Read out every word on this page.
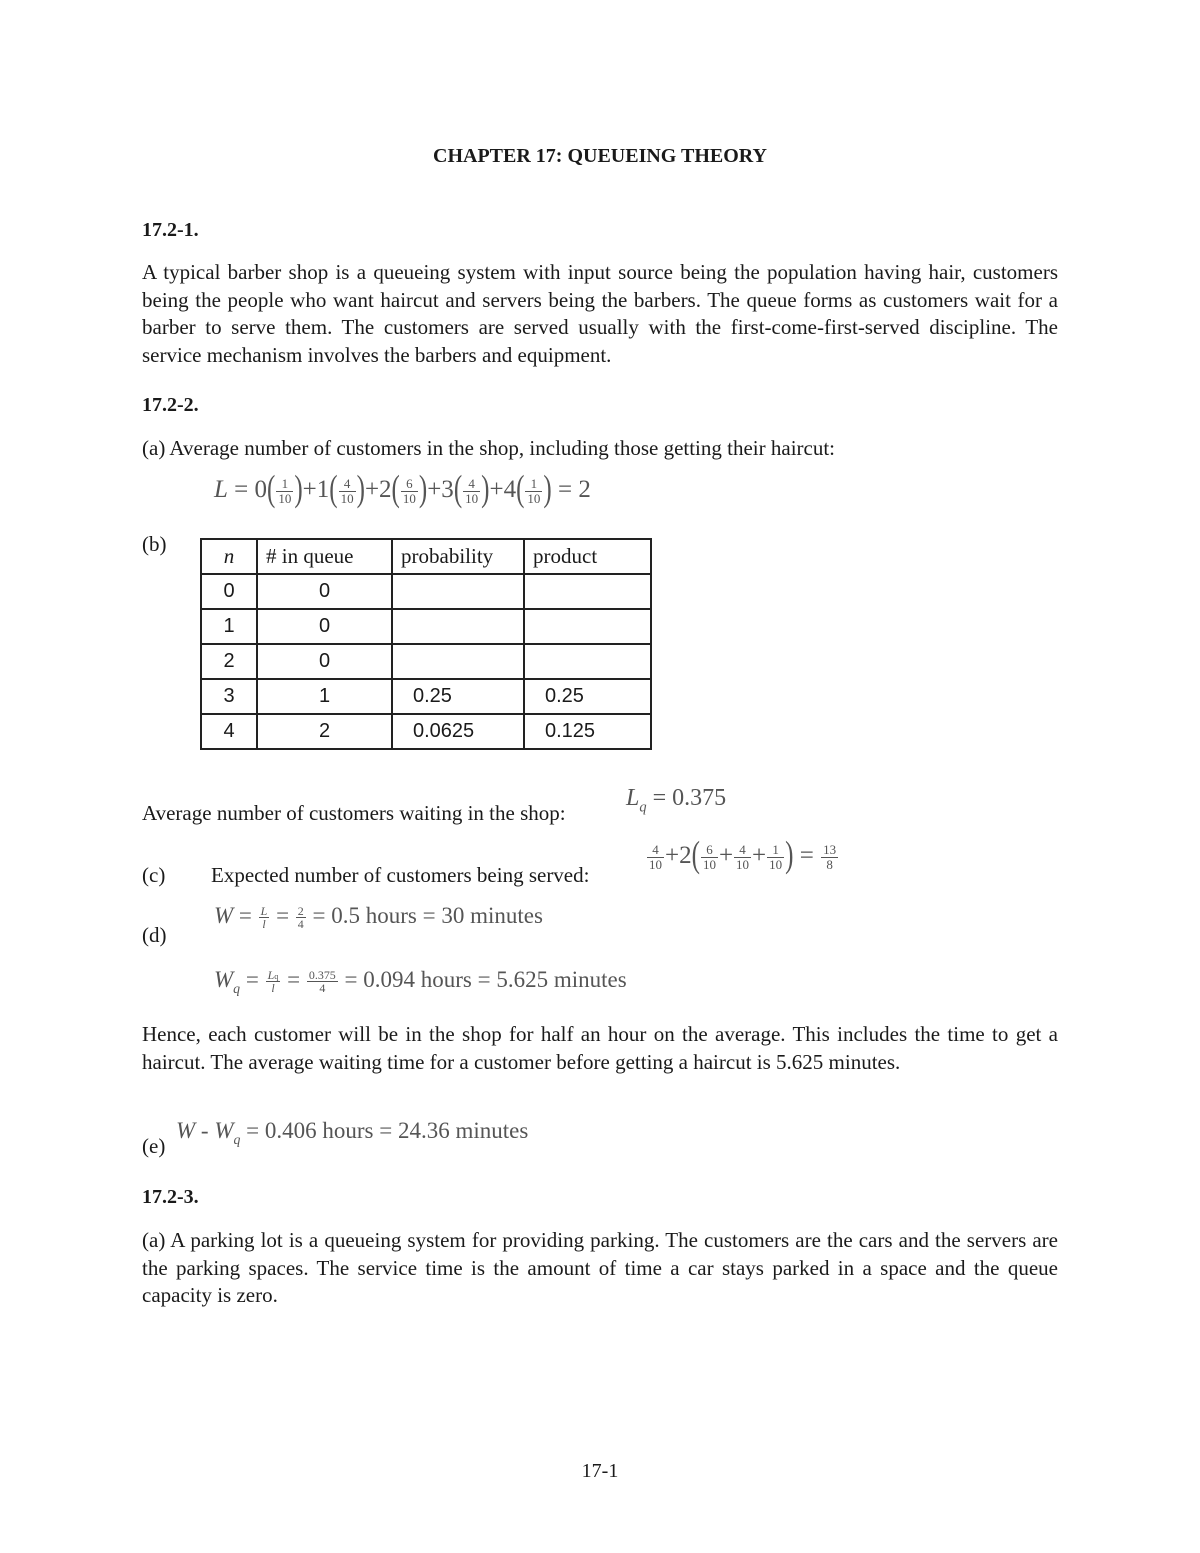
CHAPTER 17: QUEUEING THEORY
17.2-1.
A typical barber shop is a queueing system with input source being the population having hair, customers being the people who want haircut and servers being the barbers. The queue forms as customers wait for a barber to serve them. The customers are served usually with the first-come-first-served discipline. The service mechanism involves the barbers and equipment.
17.2-2.
(a) Average number of customers in the shop, including those getting their haircut:
$L = 0( \frac{1}{10} )+1( \frac{4}{10} )+2( \frac{6}{10} )+3( \frac{4}{10} )+4( \frac{1}{10}$ ) = 2
(b)	n	# in queue	probability	product
0	0		
1	0		
2	0		
3	1	0.25	0.25
4	2	0.0625	0.125
Average number of customers waiting in the shop:
$L_q = 0.375$
(c) Expected number of customers being served:
$\frac{4}{10} +2( \frac{6}{10} + \frac{4}{10} + \frac{1}{10}$ ) = $\frac{13}{8}$
(d)
$W = \frac{L}{l} = \frac{2}{4} = 0.5$ hours = 30 minutes
$W_q = \frac{Lq}{l} = \frac{0.375}{4} = 0.094$ hours = 5.625 minutes
Hence, each customer will be in the shop for half an hour on the average. This includes the time to get a haircut. The average waiting time for a customer before getting a haircut is 5.625 minutes.
(e)
$W - W_q = 0.406$ hours = 24.36 minutes
17.2-3.
(a) A parking lot is a queueing system for providing parking. The customers are the cars and the servers are the parking spaces. The service time is the amount of time a car stays parked in a space and the queue capacity is zero.
17-1
